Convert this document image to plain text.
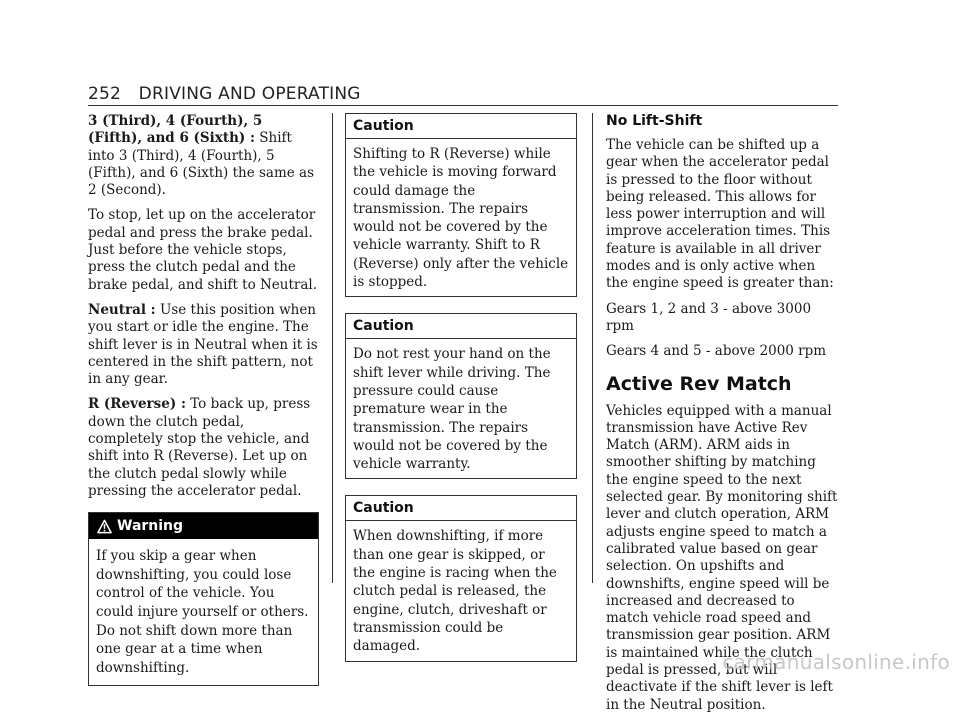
252 DRIVING AND OPERATING

3 (Third), 4 (Fourth), 5 (Fifth), and 6 (Sixth) : Shift into 3 (Third), 4 (Fourth), 5 (Fifth), and 6 (Sixth) the same as 2 (Second).

To stop, let up on the accelerator pedal and press the brake pedal. Just before the vehicle stops, press the clutch pedal and the brake pedal, and shift to Neutral.

Neutral : Use this position when you start or idle the engine. The shift lever is in Neutral when it is centered in the shift pattern, not in any gear.

R (Reverse) : To back up, press down the clutch pedal, completely stop the vehicle, and shift into R (Reverse). Let up on the clutch pedal slowly while pressing the accelerator pedal.

Warning

If you skip a gear when downshifting, you could lose control of the vehicle. You could injure yourself or others. Do not shift down more than one gear at a time when downshifting.

Caution

Shifting to R (Reverse) while the vehicle is moving forward could damage the transmission. The repairs would not be covered by the vehicle warranty. Shift to R (Reverse) only after the vehicle is stopped.

Caution

Do not rest your hand on the shift lever while driving. The pressure could cause premature wear in the transmission. The repairs would not be covered by the vehicle warranty.

Caution

When downshifting, if more than one gear is skipped, or the engine is racing when the clutch pedal is released, the engine, clutch, driveshaft or transmission could be damaged.

No Lift-Shift

The vehicle can be shifted up a gear when the accelerator pedal is pressed to the floor without being released. This allows for less power interruption and will improve acceleration times. This feature is available in all driver modes and is only active when the engine speed is greater than:

Gears 1, 2 and 3 - above 3000 rpm

Gears 4 and 5 - above 2000 rpm

Active Rev Match

Vehicles equipped with a manual transmission have Active Rev Match (ARM). ARM aids in smoother shifting by matching the engine speed to the next selected gear. By monitoring shift lever and clutch operation, ARM adjusts engine speed to match a calibrated value based on gear selection. On upshifts and downshifts, engine speed will be increased and decreased to match vehicle road speed and transmission gear position. ARM is maintained while the clutch pedal is pressed, but will deactivate if the shift lever is left in the Neutral position.

carmanualsonline.info
